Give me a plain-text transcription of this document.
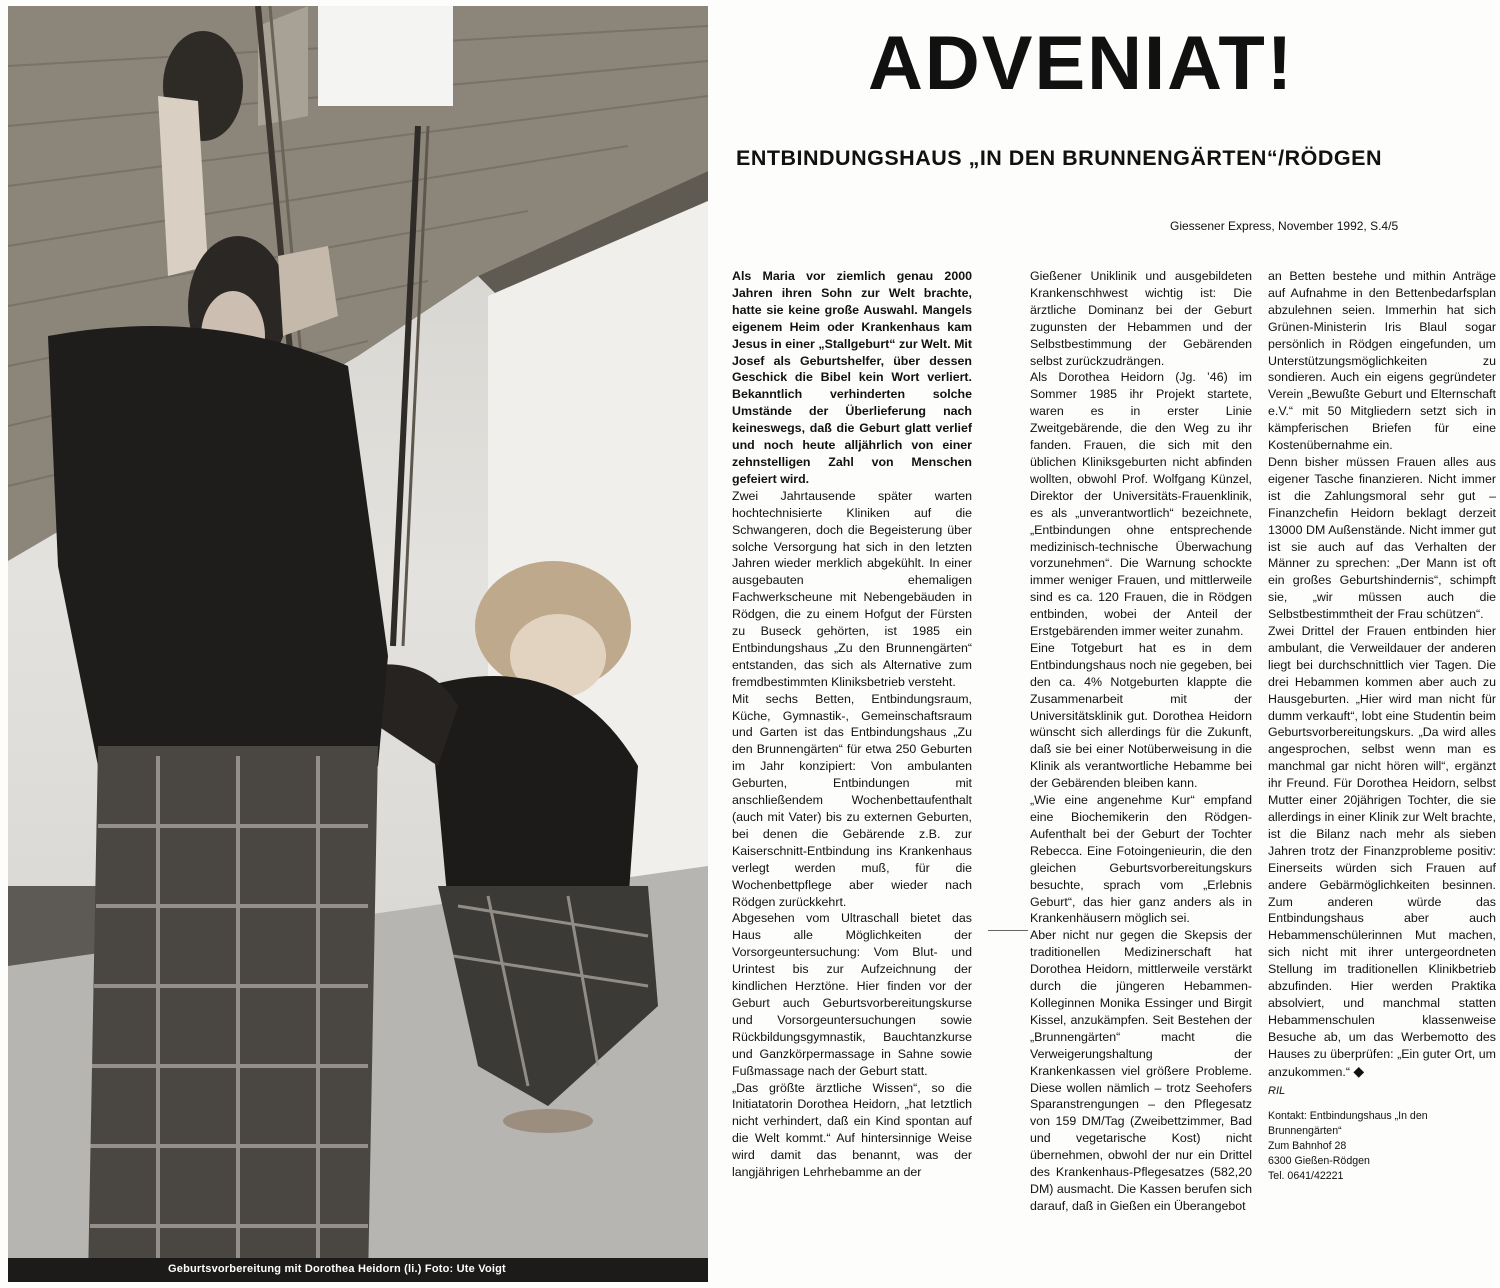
Geburtsvorbereitung mit Dorothea Heidorn (li.) Foto: Ute Voigt
ADVENIAT!
ENTBINDUNGSHAUS „IN DEN BRUNNENGÄRTEN“/RÖDGEN
Giessener Express, November 1992, S.4/5

Als Maria vor ziemlich genau 2000 Jahren ihren Sohn zur Welt brachte, hatte sie keine große Auswahl. Mangels eigenem Heim oder Krankenhaus kam Jesus in einer „Stallgeburt“ zur Welt. Mit Josef als Geburtshelfer, über dessen Geschick die Bibel kein Wort verliert. Bekanntlich verhinderten solche Umstände der Überlieferung nach keineswegs, daß die Geburt glatt verlief und noch heute alljährlich von einer zehnstelligen Zahl von Menschen gefeiert wird.

Zwei Jahrtausende später warten hochtechnisierte Kliniken auf die Schwangeren, doch die Begeisterung über solche Versorgung hat sich in den letzten Jahren wieder merklich abgekühlt. In einer ausgebauten ehemaligen Fachwerkscheune mit Nebengebäuden in Rödgen, die zu einem Hofgut der Fürsten zu Buseck gehörten, ist 1985 ein Entbindungshaus „Zu den Brunnengärten“ entstanden, das sich als Alternative zum fremdbestimmten Kliniksbetrieb versteht.

Mit sechs Betten, Entbindungsraum, Küche, Gymnastik-, Gemeinschaftsraum und Garten ist das Entbindungshaus „Zu den Brunnengärten“ für etwa 250 Geburten im Jahr konzipiert: Von ambulanten Geburten, Entbindungen mit anschließendem Wochenbettaufenthalt (auch mit Vater) bis zu externen Geburten, bei denen die Gebärende z.B. zur Kaiserschnitt-Entbindung ins Krankenhaus verlegt werden muß, für die Wochenbettpflege aber wieder nach Rödgen zurückkehrt.

Abgesehen vom Ultraschall bietet das Haus alle Möglichkeiten der Vorsorgeuntersuchung: Vom Blut- und Urintest bis zur Aufzeichnung der kindlichen Herztöne. Hier finden vor der Geburt auch Geburtsvorbereitungskurse und Vorsorgeuntersuchungen sowie Rückbildungsgymnastik, Bauchtanzkurse und Ganzkörpermassage in Sahne sowie Fußmassage nach der Geburt statt.

„Das größte ärztliche Wissen“, so die Initiatatorin Dorothea Heidorn, „hat letztlich nicht verhindert, daß ein Kind spontan auf die Welt kommt.“ Auf hintersinnige Weise wird damit das benannt, was der langjährigen Lehrhebamme an der

Gießener Uniklinik und ausgebildeten Krankenschhwest wichtig ist: Die ärztliche Dominanz bei der Geburt zugunsten der Hebammen und der Selbstbestimmung der Gebärenden selbst zurückzudrängen.

Als Dorothea Heidorn (Jg. ’46) im Sommer 1985 ihr Projekt startete, waren es in erster Linie Zweitgebärende, die den Weg zu ihr fanden. Frauen, die sich mit den üblichen Kliniksgeburten nicht abfinden wollten, obwohl Prof. Wolfgang Künzel, Direktor der Universitäts-Frauenklinik, es als „unverantwortlich“ bezeichnete, „Entbindungen ohne entsprechende medizinisch-technische Überwachung vorzunehmen“. Die Warnung schockte immer weniger Frauen, und mittlerweile sind es ca. 120 Frauen, die in Rödgen entbinden, wobei der Anteil der Erstgebärenden immer weiter zunahm.

Eine Totgeburt hat es in dem Entbindungshaus noch nie gegeben, bei den ca. 4% Notgeburten klappte die Zusammenarbeit mit der Universitätsklinik gut. Dorothea Heidorn wünscht sich allerdings für die Zukunft, daß sie bei einer Notüberweisung in die Klinik als verantwortliche Hebamme bei der Gebärenden bleiben kann.

„Wie eine angenehme Kur“ empfand eine Biochemikerin den Rödgen-Aufenthalt bei der Geburt der Tochter Rebecca. Eine Fotoingenieurin, die den gleichen Geburtsvorbereitungskurs besuchte, sprach vom „Erlebnis Geburt“, das hier ganz anders als in Krankenhäusern möglich sei.

Aber nicht nur gegen die Skepsis der traditionellen Medizinerschaft hat Dorothea Heidorn, mittlerweile verstärkt durch die jüngeren Hebammen-Kolleginnen Monika Essinger und Birgit Kissel, anzukämpfen. Seit Bestehen der „Brunnengärten“ macht die Verweigerungshaltung der Krankenkassen viel größere Probleme. Diese wollen nämlich – trotz Seehofers Sparanstrengungen – den Pflegesatz von 159 DM/Tag (Zweibettzimmer, Bad und vegetarische Kost) nicht übernehmen, obwohl der nur ein Drittel des Krankenhaus-Pflegesatzes (582,20 DM) ausmacht. Die Kassen berufen sich darauf, daß in Gießen ein Überangebot

an Betten bestehe und mithin Anträge auf Aufnahme in den Bettenbedarfsplan abzulehnen seien. Immerhin hat sich Grünen-Ministerin Iris Blaul sogar persönlich in Rödgen eingefunden, um Unterstützungsmöglichkeiten zu sondieren. Auch ein eigens gegründeter Verein „Bewußte Geburt und Elternschaft e.V.“ mit 50 Mitgliedern setzt sich in kämpferischen Briefen für eine Kostenübernahme ein.

Denn bisher müssen Frauen alles aus eigener Tasche finanzieren. Nicht immer ist die Zahlungsmoral sehr gut – Finanzchefin Heidorn beklagt derzeit 13000 DM Außenstände. Nicht immer gut ist sie auch auf das Verhalten der Männer zu sprechen: „Der Mann ist oft ein großes Geburtshindernis“, schimpft sie, „wir müssen auch die Selbstbestimmtheit der Frau schützen“.

Zwei Drittel der Frauen entbinden hier ambulant, die Verweildauer der anderen liegt bei durchschnittlich vier Tagen. Die drei Hebammen kommen aber auch zu Hausgeburten. „Hier wird man nicht für dumm verkauft“, lobt eine Studentin beim Geburtsvorbereitungskurs. „Da wird alles angesprochen, selbst wenn man es manchmal gar nicht hören will“, ergänzt ihr Freund. Für Dorothea Heidorn, selbst Mutter einer 20jährigen Tochter, die sie allerdings in einer Klinik zur Welt brachte, ist die Bilanz nach mehr als sieben Jahren trotz der Finanzprobleme positiv: Einerseits würden sich Frauen auf andere Gebärmöglichkeiten besinnen. Zum anderen würde das Entbindungshaus aber auch Hebammenschülerinnen Mut machen, sich nicht mit ihrer untergeordneten Stellung im traditionellen Klinikbetrieb abzufinden. Hier werden Praktika absolviert, und manchmal statten Hebammenschulen klassenweise Besuche ab, um das Werbemotto des Hauses zu überprüfen: „Ein guter Ort, um anzukommen.“ ◆

RIL

Kontakt: Entbindungshaus „In den Brunnengärten“
Zum Bahnhof 28
6300 Gießen-Rödgen
Tel. 0641/42221
